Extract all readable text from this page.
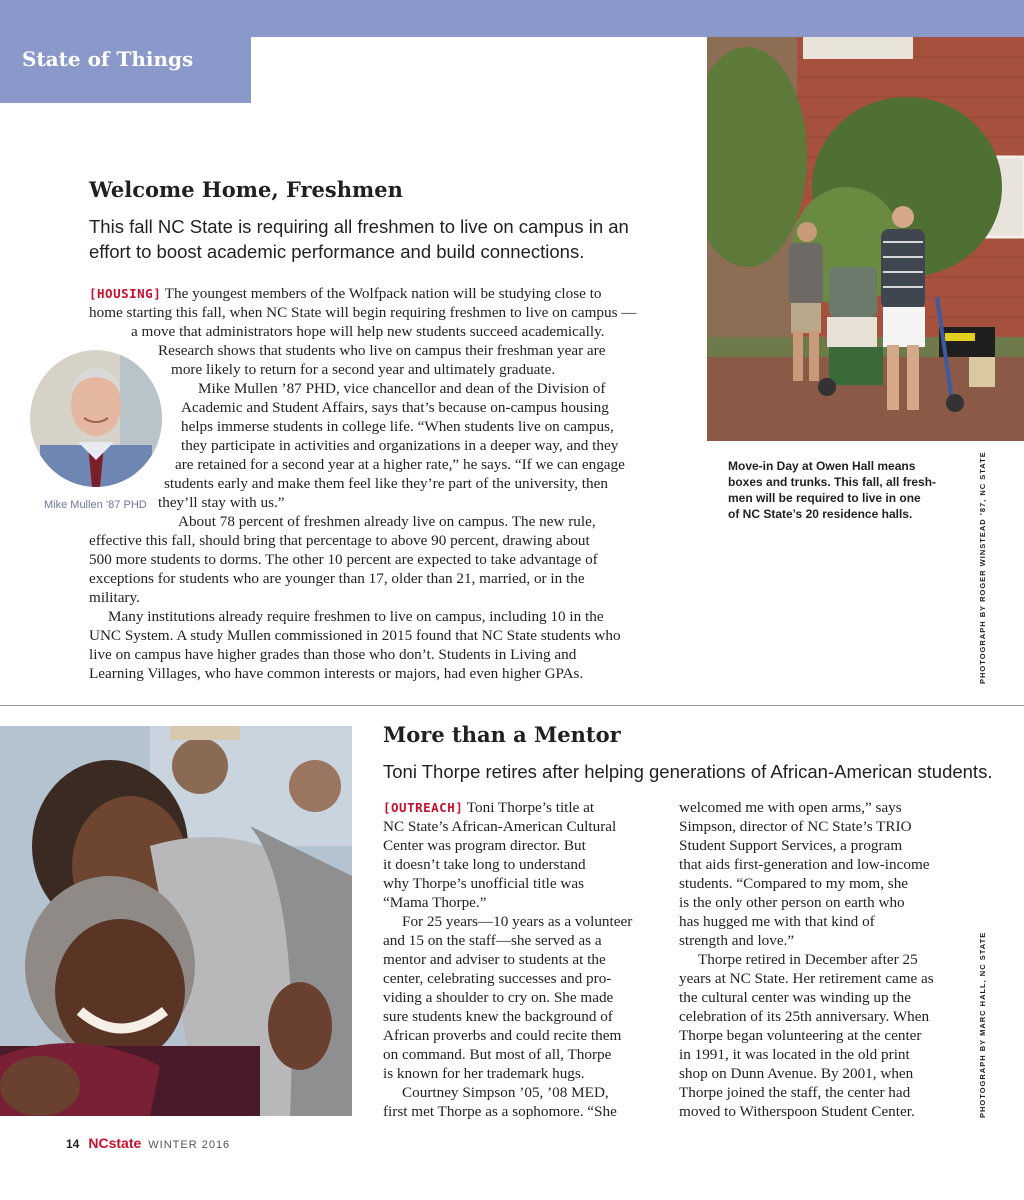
State of Things
Welcome Home, Freshmen
This fall NC State is requiring all freshmen to live on campus in an effort to boost academic performance and build connections.
Mike Mullen ’87 PHD
[HOUSING] The youngest members of the Wolfpack nation will be studying close to
home starting this fall, when NC State will begin requiring freshmen to live on campus —
a move that administrators hope will help new students succeed academically.
Research shows that students who live on campus their freshman year are
more likely to return for a second year and ultimately graduate.
Mike Mullen ’87 PHD, vice chancellor and dean of the Division of
Academic and Student Affairs, says that’s because on-campus housing
helps immerse students in college life. “When students live on campus,
they participate in activities and organizations in a deeper way, and they
are retained for a second year at a higher rate,” he says. “If we can engage
students early and make them feel like they’re part of the university, then
they’ll stay with us.”
About 78 percent of freshmen already live on campus. The new rule,
effective this fall, should bring that percentage to above 90 percent, drawing about
500 more students to dorms. The other 10 percent are expected to take advantage of
exceptions for students who are younger than 17, older than 21, married, or in the
military.
Many institutions already require freshmen to live on campus, including 10 in the
UNC System. A study Mullen commissioned in 2015 found that NC State students who
live on campus have higher grades than those who don’t. Students in Living and
Learning Villages, who have common interests or majors, had even higher GPAs.
Move-in Day at Owen Hall means
boxes and trunks. This fall, all fresh-
men will be required to live in one
of NC State’s 20 residence halls.	PHOTOGRAPH BY ROGER WINSTEAD ’87, NC STATE
More than a Mentor
Toni Thorpe retires after helping generations of African-American students.
[OUTREACH] Toni Thorpe’s title at
NC State’s African-American Cultural
Center was program director. But
it doesn’t take long to understand
why Thorpe’s unofficial title was
“Mama Thorpe.”
For 25 years—10 years as a volunteer
and 15 on the staff—she served as a
mentor and adviser to students at the
center, celebrating successes and pro-
viding a shoulder to cry on. She made
sure students knew the background of
African proverbs and could recite them
on command. But most of all, Thorpe
is known for her trademark hugs.
Courtney Simpson ’05, ’08 MED,
first met Thorpe as a sophomore. “She
welcomed me with open arms,” says
Simpson, director of NC State’s TRIO
Student Support Services, a program
that aids first-generation and low-income
students. “Compared to my mom, she
is the only other person on earth who
has hugged me with that kind of
strength and love.”
Thorpe retired in December after 25
years at NC State. Her retirement came as
the cultural center was winding up the
celebration of its 25th anniversary. When
Thorpe began volunteering at the center
in 1991, it was located in the old print
shop on Dunn Avenue. By 2001, when
Thorpe joined the staff, the center had
moved to Witherspoon Student Center.	PHOTOGRAPH BY MARC HALL, NC STATE
14 NCstate WINTER 2016
